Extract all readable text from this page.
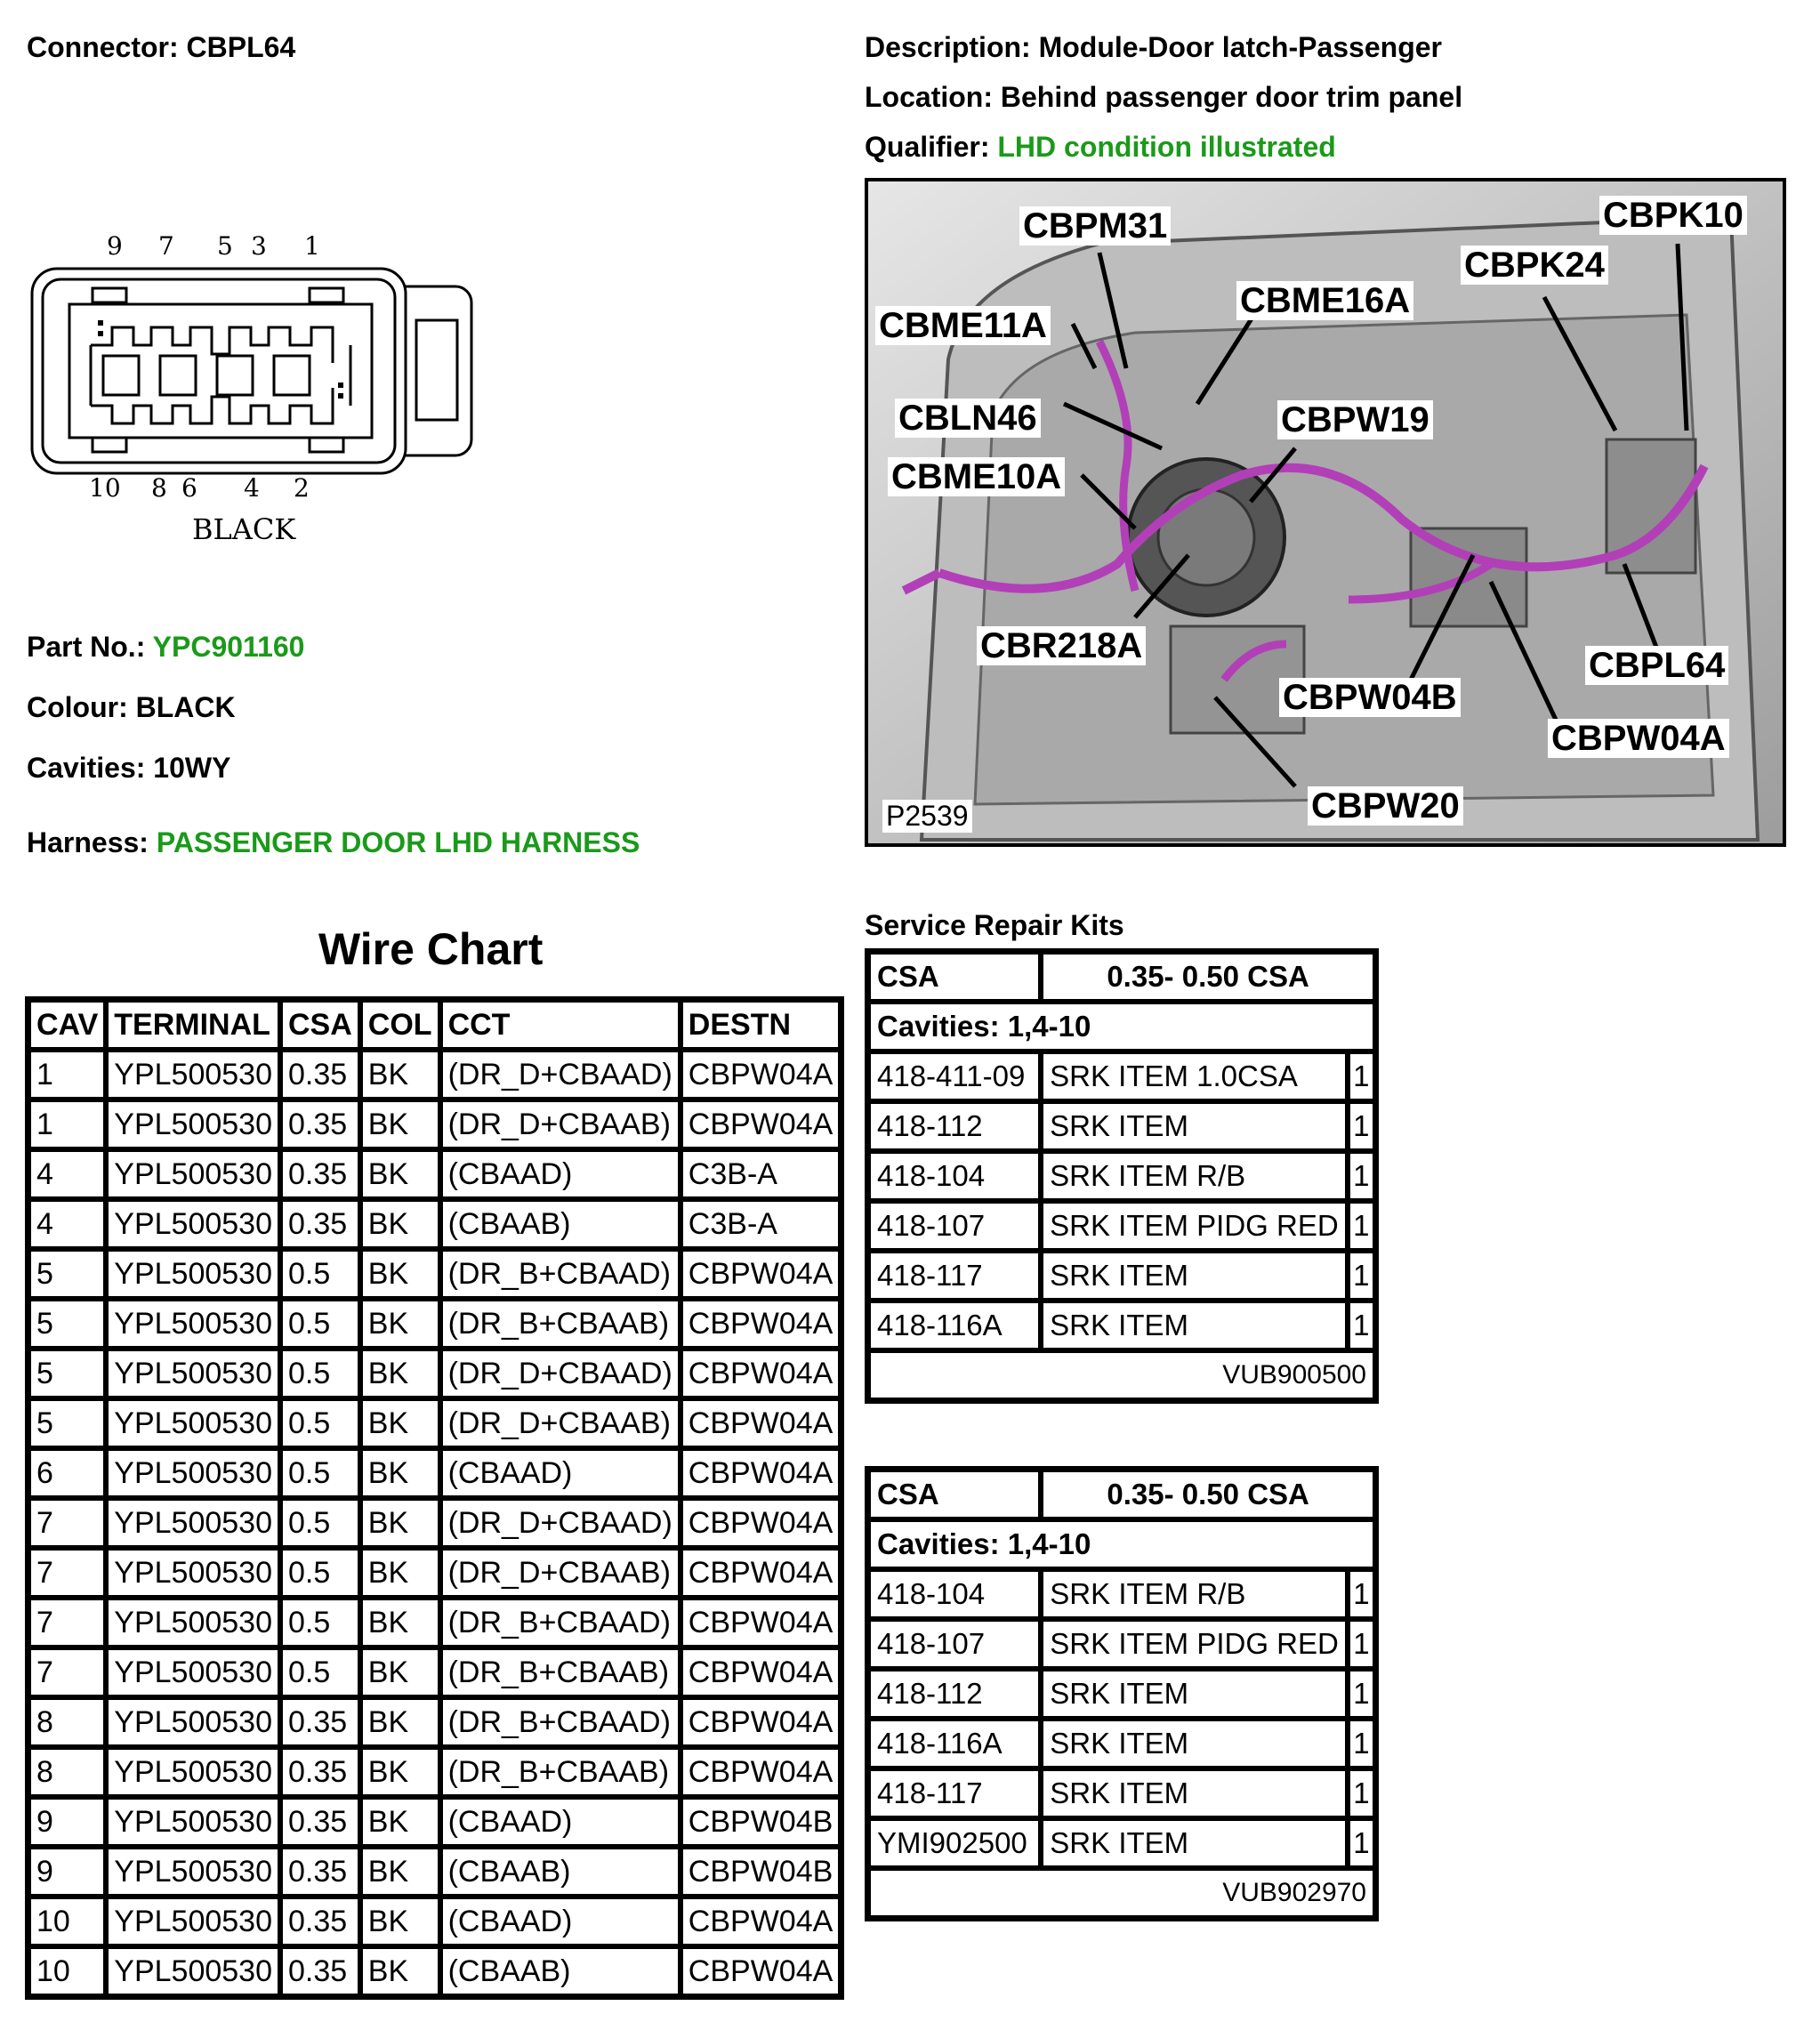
Connector: CBPL64	Description: Module-Door latch-Passenger
Location: Behind passenger door trim panel
Qualifier: LHD condition illustrated
9 7 5 3 1
10 8 6 4 2
BLACK
Part No.: YPC901160
Colour: BLACK
Cavities: 10WY
Harness: PASSENGER DOOR LHD HARNESS
CBPM31	CBPK10
CBPK24
CBME16A
CBME11A
CBLN46	CBPW19
CBME10A
CBR218A	CBPL64
CBPW04B
CBPW04A
CBPW20
P2539
Wire Chart
CAV	TERMINAL	CSA	COL	CCT	DESTN
1	YPL500530	0.35	BK	(DR_D+CBAAD)	CBPW04A
1	YPL500530	0.35	BK	(DR_D+CBAAB)	CBPW04A
4	YPL500530	0.35	BK	(CBAAD)	C3B-A
4	YPL500530	0.35	BK	(CBAAB)	C3B-A
5	YPL500530	0.5	BK	(DR_B+CBAAD)	CBPW04A
5	YPL500530	0.5	BK	(DR_B+CBAAB)	CBPW04A
5	YPL500530	0.5	BK	(DR_D+CBAAD)	CBPW04A
5	YPL500530	0.5	BK	(DR_D+CBAAB)	CBPW04A
6	YPL500530	0.5	BK	(CBAAD)	CBPW04A
7	YPL500530	0.5	BK	(DR_D+CBAAD)	CBPW04A
7	YPL500530	0.5	BK	(DR_D+CBAAB)	CBPW04A
7	YPL500530	0.5	BK	(DR_B+CBAAD)	CBPW04A
7	YPL500530	0.5	BK	(DR_B+CBAAB)	CBPW04A
8	YPL500530	0.35	BK	(DR_B+CBAAD)	CBPW04A
8	YPL500530	0.35	BK	(DR_B+CBAAB)	CBPW04A
9	YPL500530	0.35	BK	(CBAAD)	CBPW04B
9	YPL500530	0.35	BK	(CBAAB)	CBPW04B
10	YPL500530	0.35	BK	(CBAAD)	CBPW04A
10	YPL500530	0.35	BK	(CBAAB)	CBPW04A
Service Repair Kits
CSA	0.35- 0.50 CSA	
Cavities: 1,4-10		
418-411-09	SRK ITEM 1.0CSA	1
418-112	SRK ITEM	1
418-104	SRK ITEM R/B	1
418-107	SRK ITEM PIDG RED	1
418-117	SRK ITEM	1
418-116A	SRK ITEM	1
VUB900500		
CSA	0.35- 0.50 CSA	
Cavities: 1,4-10		
418-104	SRK ITEM R/B	1
418-107	SRK ITEM PIDG RED	1
418-112	SRK ITEM	1
418-116A	SRK ITEM	1
418-117	SRK ITEM	1
YMI902500	SRK ITEM	1
VUB902970		
